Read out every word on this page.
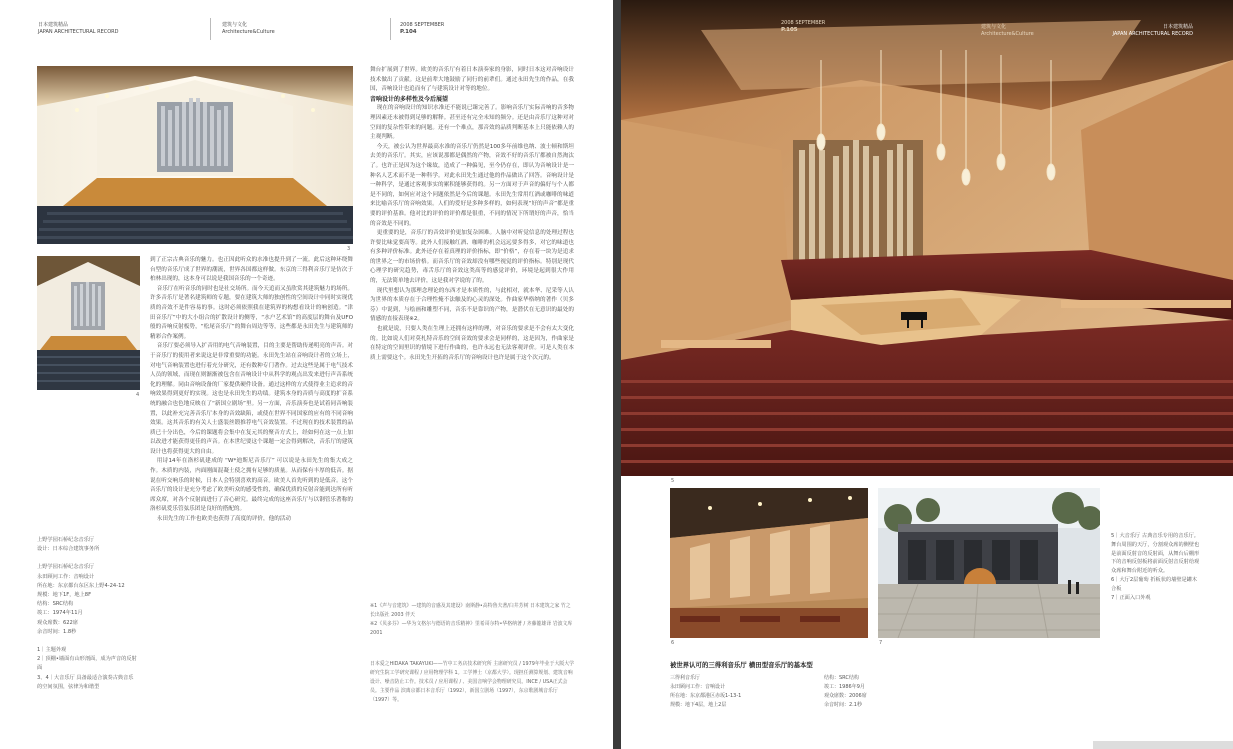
日本建筑精品
JAPAN ARCHITECTURAL RECORD
建筑与文化
Architecture&Culture
2008 SEPTEMBER
P.104
3
4
上野学园石桥纪念音乐厅
设计：日本综合建筑事务所
上野学园石桥纪念音乐厅
永田顾问工作：音响设计
所在地：东京都台东区东上野4-24-12
规模：地下1F，地上8F
结构：SRC结构
竣工：1974年11月
观众席数：622席
余音时间：1.8秒
1｜主题外观
2｜顶棚•墙面有山形剖面，成为声音的反射面
3、4｜大音乐厅 具备最适合演奏古典音乐的空间氛围，弦律为和谐型

到了正宗古典音乐的魅力。也正因此听众的水准也提升到了一流。此后这种环绕舞台型的音乐厅成了世界的潮流，世界各国都这样做。东京的三得利音乐厅是仿次于柏林出现的，这本身可以说是我国音乐的一个奇迹。

音乐厅在听音乐的同时也是社交场所。而今天追而又虽欣赏其建筑魅力的场所。许多音乐厅是著名建筑师的专题，要在建筑大师的独创性的空间设计中同时实现优质的音效不是件容易的事。这时必须依照我在建筑界的构想看设计的响创造。“津田音乐厅”中的大小组合的扩散设计的侧等，“水户艺术馆”的高度层的舞台及UFO般的音响反射板势，“松尾音乐厅”的舞台周边等等，这些都是永田先生与建筑师的精彩合作案例。

音乐厅要必须导入扩音用的电气音响装置，目的主要是帮助传递明亮的声音。对于音乐厅的使用者来说这是非常重要的功能。永田先生站在音响设计者的立场上，对电气音响装置也进行着充分研究，还有数种专门著作。过去这些是属于电气技术人员的领域，而现在则渐渐被包含在音响设计中从科学的观点出发来进行声音系统化的理解。同由音响设备的厂家提供硬件设备。通过这样的方式使得业主追求的音响效果得到更好的实现。这也是永田先生的功绩。建筑本身的音质与高度的扩音系统的融合也色地反映在了“新国立剧场”里。另一方面，音乐演奏也是试着同音响装置，以此补充完善音乐厅本身的音效缺陷，或使在世界不同国家的应有的不同音响效果。这其音乐的有关人士盛装丝锻推荐电气音效装置。不过现在的技术装置的品质已十分出色，今后的课题将会集中在复元其的聚音方式上，经如何在这一点上加以改进才能获得更佳的声音。在本世纪要这个课题一定会得到解决，音乐厅的建筑设计也将获得更大的自由。

用诗14年在洛杉矶建成的 “W*迪斯尼音乐厅” 可以说是永田先生的集大成之作。木质的内装，内面刚面混凝土使之拥有足够的质量。从而保有丰厚的低音。据说在听交响乐的时候，日本人会特别喜欢的高音。欧美人首先听到的是低音。这个音乐厅的设计是充分考虑了欧美听众的感受性的，确保优质的反射音能到达所有听席众席，对各个反射面进行了音心研究。最终完成的这座音乐厅与以钢管乐著称的洛杉矶爱乐管弦乐团是良好的搭配的。

永田先生的工作也欧美也获得了高度的评价，他的活动

舞台扩展到了世界。欧美的音乐厅有着日本演奏家的身影，同时日本这对音响设计技术做出了贡献。这是前辈大地鼓励了同行的前辈们。通过永田先生的作品，在我国，音响设计也追而有了与建筑设计对等的地位。

音响设计的多样性及今后展望

现在的音响设计的知识水准还不能说已臻完善了。影响音乐厅实际音响的音多物理因素还未被得到足够的解释。甚至还有完全未知的频分。还是由音乐厅这种对对空间的复杂性带来的问题。还有一个难点，那音效的品质判断基本上只能依赖人的主观判断。

今天，被公认为世界最高水准的音乐厅仍然是100多年前维也纳、波士顿和斯坦去美的音乐厅。其实，应该说那都是偶然的产物，音效不好的音乐厅都被自然淘汰了。也许正是因为这个缘故，造成了一种偏见，至今仍存在，即认为音响设计是一种名人艺术而不是一种科学。对此永田先生通过他的作品做出了回答。音响设计是一种科学，是通过客观事实的累积能够获得的。另一方面对于声音的偏好与个人都是不同的，如何应对这个问题依然是今后的课题。永田先生常用红酒或咖啡的味道来比喻音乐厅的音响效果。人们的爱好是多种多样的，如何表现“好的声音”都是重要的评价基准。他对比的评价的评价都是很重，不同的情况下所谓好的声音，恰当的音效是不同的。

更重要的是，音乐厅的音效评价更加复杂困难。人脑中对听觉信息的处理过程也许要比味觉要高等。此外人们接触红酒、咖啡的机会远远要多得多，对它的味道也有多种评价标准。此外还存在着真理的评价指标，即“价格”，存在着一块为是追求的世界之一的市场价格。而音乐厅的音效却没有哪些视觉的评价指标。特别是现代心理学的研究趋势，毒舌乐厅的音效这类高等的感觉评价，环境是起到很大作用的，无法简单地去评价，这是我对学说的了的。

现代里想认为那理念理论的东西才是本质性的，与此相对，就本华、尼采等人认为世界的本质存在于合理性掩不法触及的心灵的深处。作曲家华格纳的著作（贝多芬）中说到，与绘画和雕塑不同，音乐不是靠识的产物，是潜伏在无意识的最处的情感的直接表现※2。

也就是说，只要人类在生理上还拥有这样的理，对音乐的要求是不会有太大变化的。比如说人们对莫札特音乐的空间音效的要求会是同样的，这是因为，作曲家是在特定的空间里识的情境下进行作曲的，也许永远也无法客观评价。可是人类在本质上需要这个。永田先生开拓的音乐厅的音响设计也许是属于这个次元的。

※1《声与音建筑》—建筑的音感及其建设》南斯静•高特鲁夫著/臼井芳树 日本建筑之家 竹之长出版社 2003 伴天
※2《贝多芬》—华为文格尔与德语的音乐精神》里希哥尔特•华格纳著 / 齐藤龍雄译 岩波文库 2001
2008 SEPTEMBER
P.105	建筑与文化
Architecture&Culture
日本建筑精品
JAPAN ARCHITECTURAL RECORD
5
6	7
5｜大音乐厅 古典音乐专用的音乐厅。舞台周围的天厅，分割观众席的侧壁也是前面反射音的反射面，从舞台后棚形下的音响反射板将前面反射音反射给观众席和舞台附近的听众。
6｜大厅2层葡萄 折板状的墙壁是罐木合板
7｜正面入口外观
被世界认可的三得利音乐厅 横田型音乐厅的基本型
三得利音乐厅	结构：SRC结构
永田顾问工作：音响设计	竣工：1986年9月
所在地：东京都港区赤坂1-13-1	观众席数：2006席
规模：地下4层，地上2层	余音时间：2.1秒
日本爱之HIDAKA TAKAYUKI——竹中工务店技术研究所 主席研究员 / 1979年毕业于大阪大学研究生院工学研究课程 / 应用物理学科 1。工学博士（京都大学）。现担任测算规划、建筑音响设计、噪音防止工作。技术员 / 应用课程 / 、美国音响学会物理研究员。INCE / USA正式会员。主要作品 滨离京都日本音乐厅（1992），新国立剧场（1997），东京歌剧城音乐厅（1997）等。
